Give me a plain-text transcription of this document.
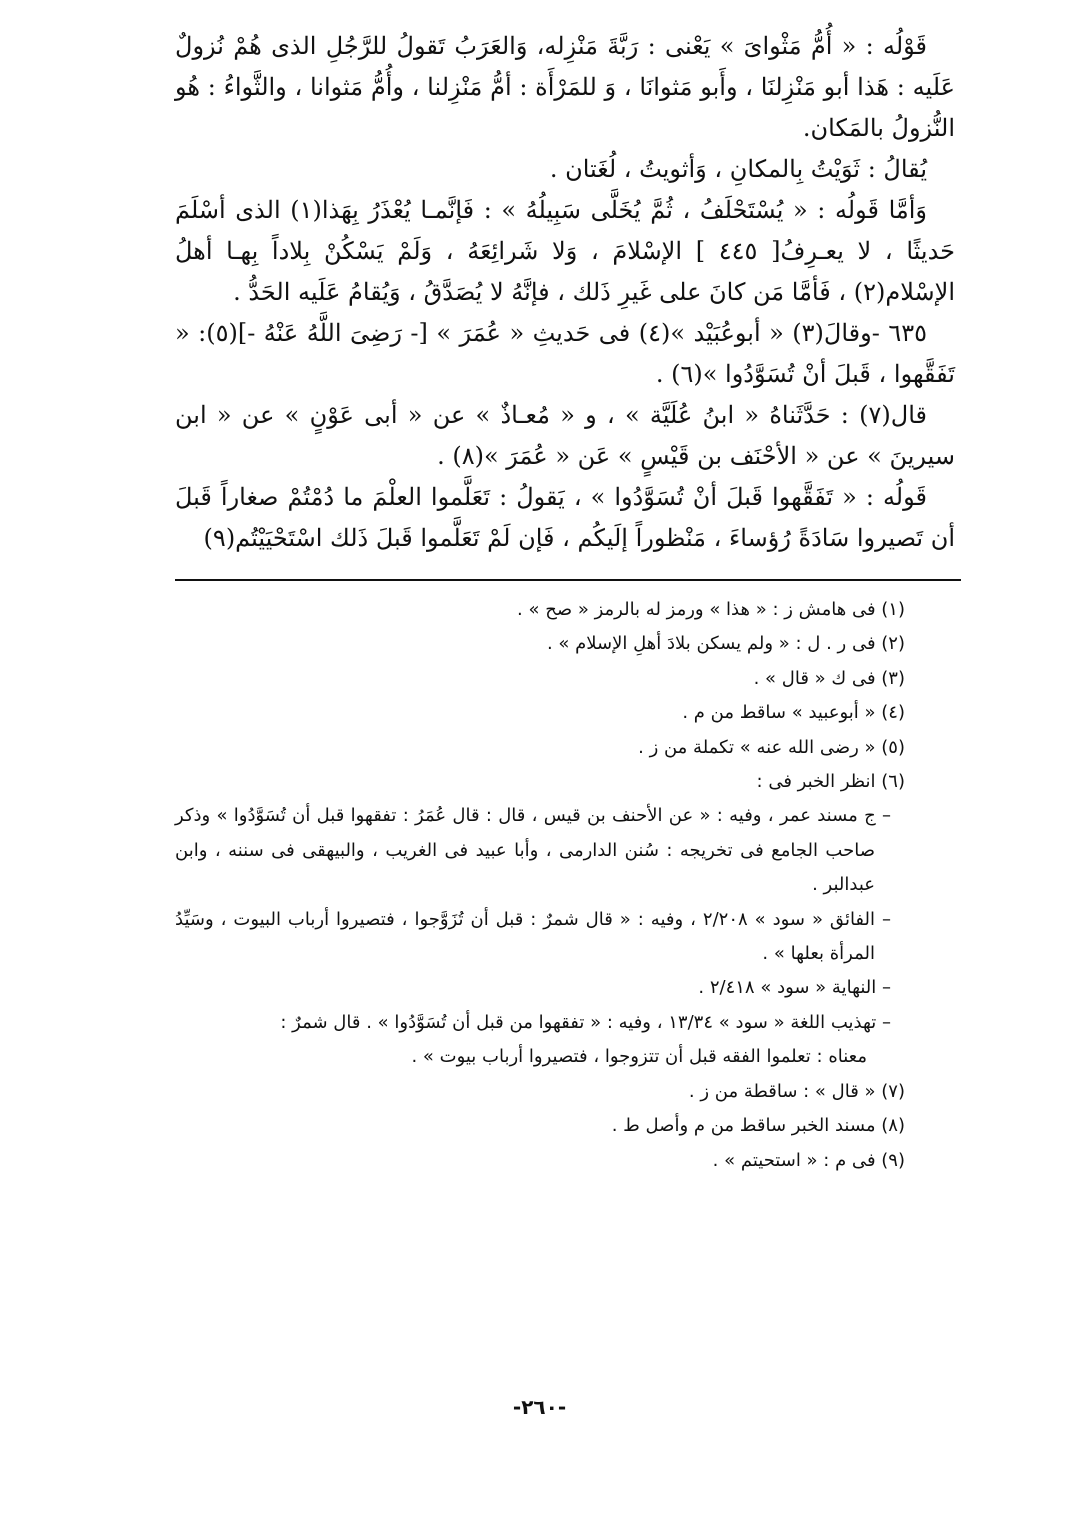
قَوْلُه : « أُمُّ مَثْواىَ » يَعْنى : رَبَّةَ مَنْزِله، وَالعَرَبُ تَقولُ للرَّجُلِ الذى هُمْ نُزولٌ عَلَيه : هَذا أبو مَنْزِلنَا ، وأَبو مَثوانَا ، وَ للمَرْأَة : أمُّ مَنْزِلنا ، وأُمُّ مَثوانا ، والثَّواءُ : هُو النُّزولُ بالمَكان.

يُقالُ : ثَوَيْتُ بِالمكانِ ، وَأثويتُ ، لُغَتان .

وَأمَّا قَولُه : « يُسْتَحْلَفُ ، ثُمَّ يُخَلَّى سَبِيلُهُ » : فَإنَّمـا يُعْذَرُ بِهَذا(١) الذى أسْلَمَ حَديثًا ، لا يعـرِفُ[ ٤٤٥ ] الإسْلامَ ، وَلا شَرائِعَهُ ، وَلَمْ يَسْكُنْ بِلاداً بِهـا أهلُ الإسْلام(٢) ، فَأمَّا مَن كانَ على غَيرِ ذَلك ، فإنَّهُ لا يُصَدَّقُ ، وَيُقامُ عَلَيه الحَدُّ .

٦٣٥ -وقالَ(٣) « أبوعُبَيْد »(٤) فى حَديثِ « عُمَرَ » [- رَضِىَ اللَّهُ عَنْهُ -](٥): « تَفَقَّهوا ، قَبلَ أنْ تُسَوَّدُوا »(٦) .

قال(٧) : حَدَّثَناهُ « ابنُ عُلَيَّة » ، و « مُعـاذٌ » عن « أبى عَوْنٍ » عن « ابن سيرينَ » عن « الأحْنَف بن قَيْسٍ » عَن « عُمَرَ »(٨) .

قَولُه : « تَفَقَّهوا قَبلَ أنْ تُسَوَّدُوا » ، يَقولُ : تَعَلَّموا العلْمَ ما دُمْتُمْ صغاراً قَبلَ أن تَصيروا سَادَةً رُؤساءَ ، مَنْظوراً إلَيكُم ، فَإن لَمْ تَعَلَّموا قَبلَ ذَلك اسْتَحْيَيْتُم(٩)

(١) فى هامش ز : « هذا » ورمز له بالرمز « صح » .

(٢) فى ر . ل : « ولم يسكن بلادَ أهلِ الإسلام » .

(٣) فى ك « قال » .

(٤) « أبوعبيد » ساقط من م .

(٥) « رضى الله عنه » تكملة من ز .

(٦) انظر الخبر فى :

– ج مسند عمر ، وفيه : « عن الأحنف بن قيس ، قال : قال عُمَرُ : تفقهوا قبل أن تُسَوَّدُوا » وذكر صاحب الجامع فى تخريجه : سُنن الدارمى ، وأبا عبيد فى الغريب ، والبيهقى فى سننه ، وابن عبدالبر .

– الفائق « سود » ٢/٢٠٨ ، وفيه : « قال شمرٌ : قبل أن تُزَوَّجوا ، فتصيروا أرباب البيوت ، وسَيِّدُ المرأة بعلها » .

– النهاية « سود » ٢/٤١٨ .

– تهذيب اللغة « سود » ١٣/٣٤ ، وفيه : « تفقهوا من قبل أن تُسَوَّدُوا » . قال شمرٌ :

معناه : تعلموا الفقه قبل أن تتزوجوا ، فتصيروا أرباب بيوت » .

(٧) « قال » : ساقطة من ز .

(٨) مسند الخبر ساقط من م وأصل ط .

(٩) فى م : « استحيتم » .

-٢٦٠-
